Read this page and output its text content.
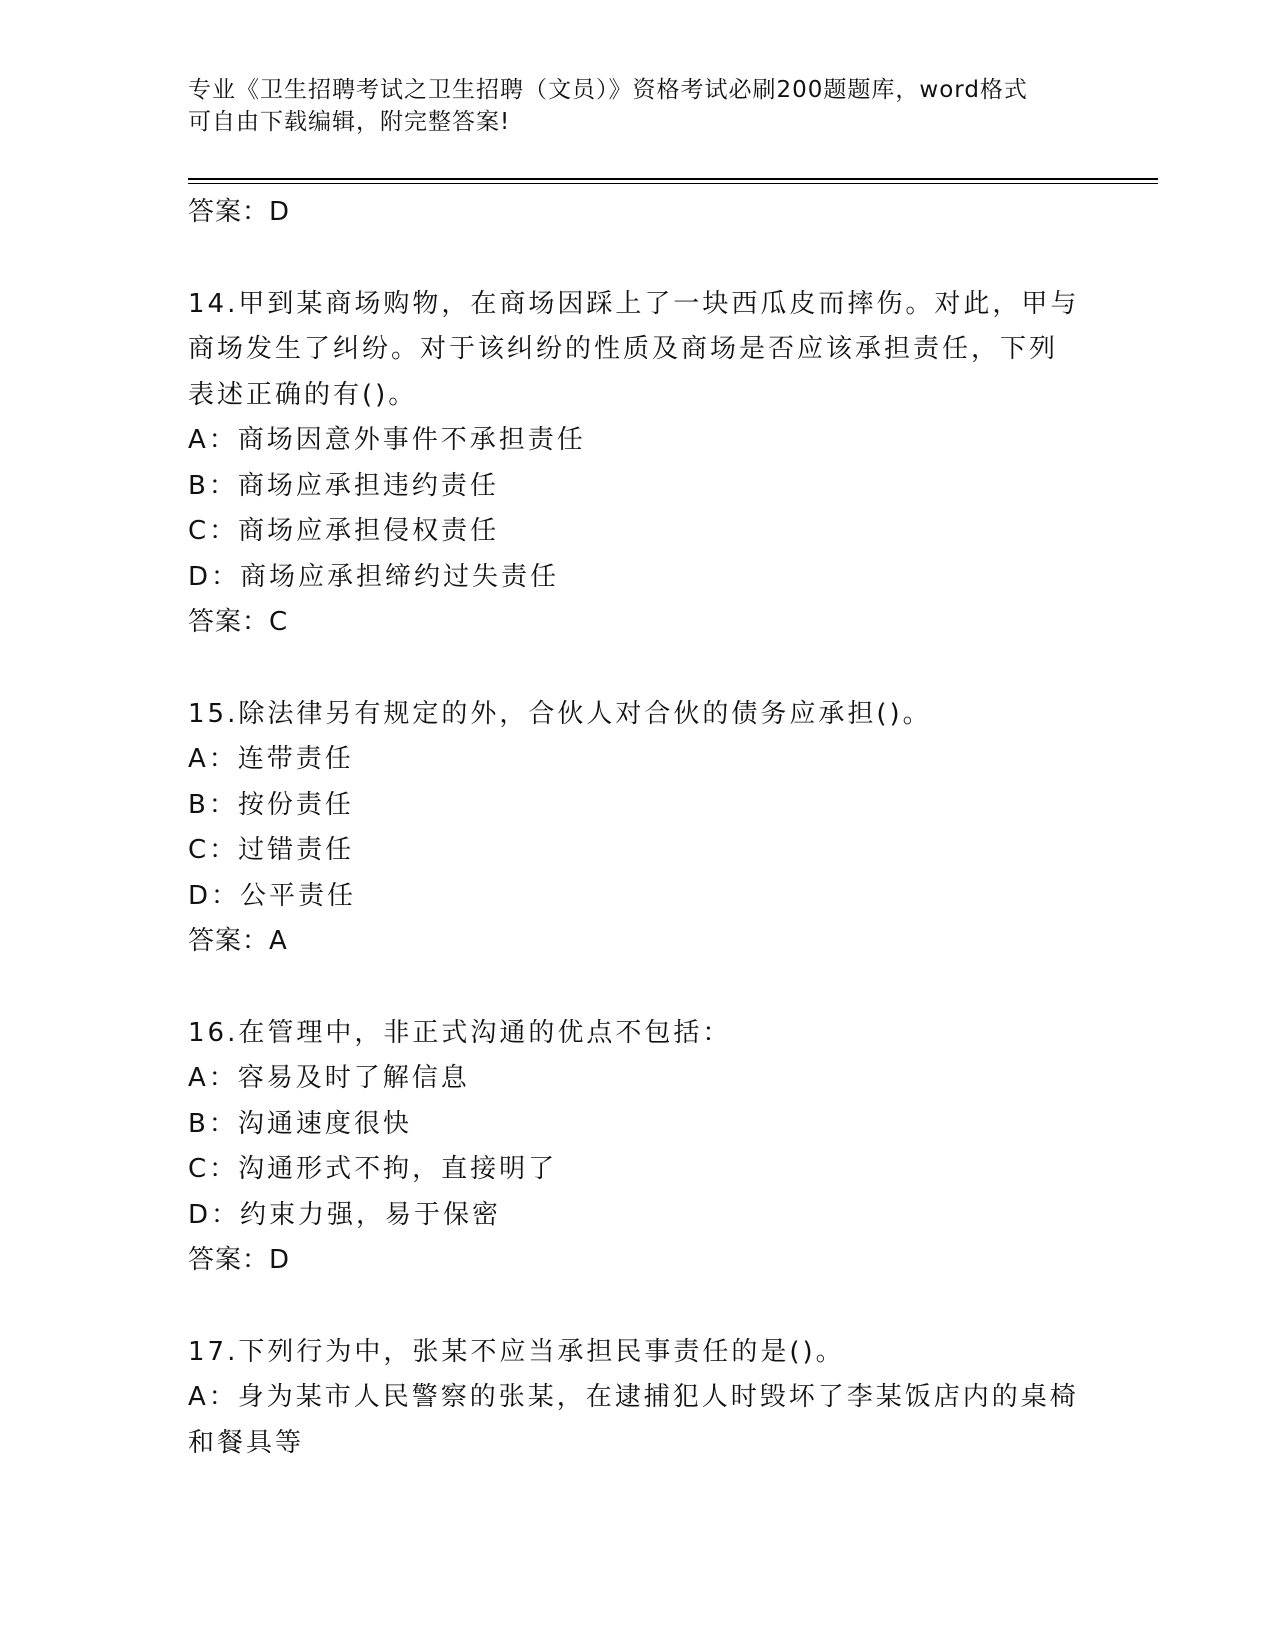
专业《卫生招聘考试之卫生招聘（文员）》资格考试必刷200题题库，word格式
可自由下载编辑，附完整答案!
答案：D
14.甲到某商场购物，在商场因踩上了一块西瓜皮而摔伤。对此，甲与
商场发生了纠纷。对于该纠纷的性质及商场是否应该承担责任，下列
表述正确的有()。
A：商场因意外事件不承担责任
B：商场应承担违约责任
C：商场应承担侵权责任
D：商场应承担缔约过失责任
答案：C
15.除法律另有规定的外，合伙人对合伙的债务应承担()。
A：连带责任
B：按份责任
C：过错责任
D：公平责任
答案：A
16.在管理中，非正式沟通的优点不包括：
A：容易及时了解信息
B：沟通速度很快
C：沟通形式不拘，直接明了
D：约束力强，易于保密
答案：D
17.下列行为中，张某不应当承担民事责任的是()。
A：身为某市人民警察的张某，在逮捕犯人时毁坏了李某饭店内的桌椅
和餐具等
